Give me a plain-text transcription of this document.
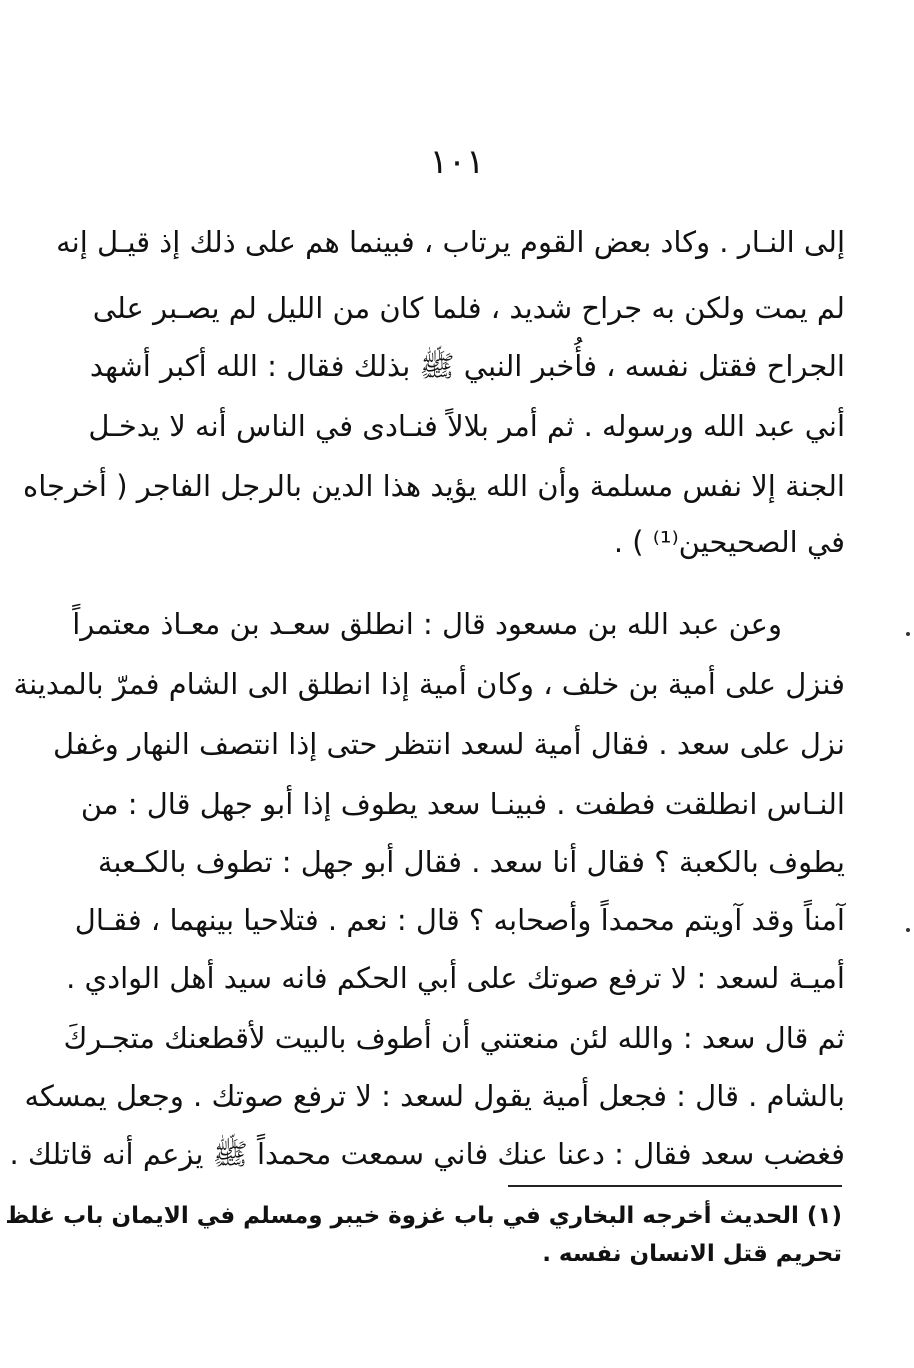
١٠١
إلى النـار . وكاد بعض القوم يرتاب ، فبينما هم على ذلك إذ قيـل إنه
لم يمت ولكن به جراح شديد ، فلما كان من الليل لم يصـبر على
الجراح فقتل نفسه ، فأُخبر النبي ﷺ بذلك فقال : الله أكبر أشهد
أني عبد الله ورسوله . ثم أمر بلالاً فنـادى في الناس أنه لا يدخـل
الجنة إلا نفس مسلمة وأن الله يؤيد هذا الدين بالرجل الفاجر ( أخرجاه
في الصحيحين⁽¹⁾ ) .
وعن عبد الله بن مسعود قال : انطلق سعـد بن معـاذ معتمراً
فنزل على أمية بن خلف ، وكان أمية إذا انطلق الى الشام فمرّ بالمدينة
نزل على سعد . فقال أمية لسعد انتظر حتى إذا انتصف النهار وغفل
النـاس انطلقت فطفت . فبينـا سعد يطوف إذا أبو جهل قال : من
يطوف بالكعبة ؟ فقال أنا سعد . فقال أبو جهل : تطوف بالكـعبة
آمناً وقد آويتم محمداً وأصحابه ؟ قال : نعم . فتلاحيا بينهما ، فقـال
أميـة لسعد : لا ترفع صوتك على أبي الحكم فانه سيد أهل الوادي .
ثم قال سعد : والله لئن منعتني أن أطوف بالبيت لأقطعنك متجـركَ
بالشام . قال : فجعل أمية يقول لسعد : لا ترفع صوتك . وجعل يمسكه
فغضب سعد فقال : دعنا عنك فاني سمعت محمداً ﷺ يزعم أنه قاتلك .
(١) الحديث أخرجه البخاري في باب غزوة خيبر ومسلم في الايمان باب غلظ
تحريم قتل الانسان نفسه .
